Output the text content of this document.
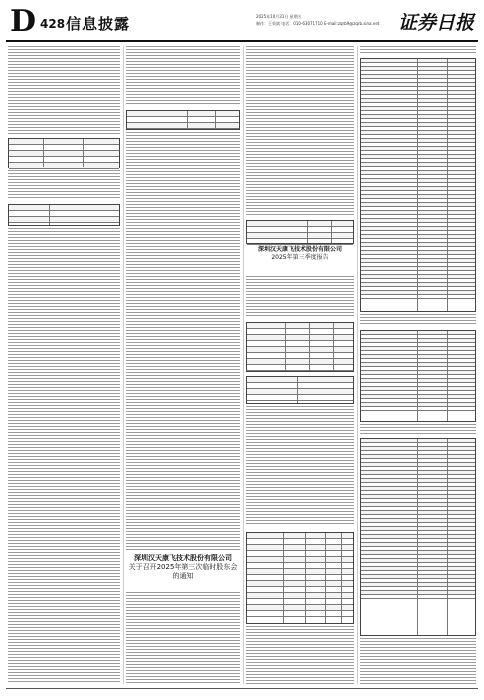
D 428 信息披露	2025年10月31日 星期五
制作：王英斌 电话：010-63071710 E-mail:zqrb9@zqrb.sina.net 证券日报
深圳汉天康飞技术股份有限公司
关于召开2025年第三次临时股东会的通知
深圳汉天康飞技术股份有限公司
2025年第三季度报告
